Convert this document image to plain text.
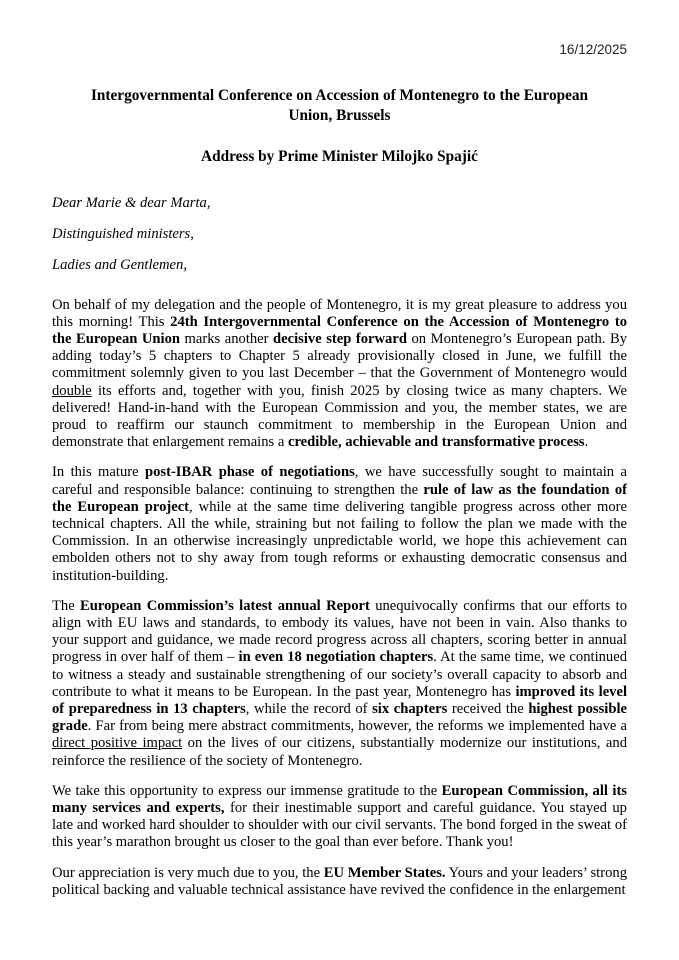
16/12/2025
Intergovernmental Conference on Accession of Montenegro to the European Union, Brussels
Address by Prime Minister Milojko Spajić
Dear Marie & dear Marta,
Distinguished ministers,
Ladies and Gentlemen,

On behalf of my delegation and the people of Montenegro, it is my great pleasure to address you this morning! This 24th Intergovernmental Conference on the Accession of Montenegro to the European Union marks another decisive step forward on Montenegro’s European path. By adding today’s 5 chapters to Chapter 5 already provisionally closed in June, we fulfill the commitment solemnly given to you last December – that the Government of Montenegro would double its efforts and, together with you, finish 2025 by closing twice as many chapters. We delivered! Hand-in-hand with the European Commission and you, the member states, we are proud to reaffirm our staunch commitment to membership in the European Union and demonstrate that enlargement remains a credible, achievable and transformative process.

In this mature post-IBAR phase of negotiations, we have successfully sought to maintain a careful and responsible balance: continuing to strengthen the rule of law as the foundation of the European project, while at the same time delivering tangible progress across other more technical chapters. All the while, straining but not failing to follow the plan we made with the Commission. In an otherwise increasingly unpredictable world, we hope this achievement can embolden others not to shy away from tough reforms or exhausting democratic consensus and institution-building.

The European Commission’s latest annual Report unequivocally confirms that our efforts to align with EU laws and standards, to embody its values, have not been in vain. Also thanks to your support and guidance, we made record progress across all chapters, scoring better in annual progress in over half of them – in even 18 negotiation chapters. At the same time, we continued to witness a steady and sustainable strengthening of our society’s overall capacity to absorb and contribute to what it means to be European. In the past year, Montenegro has improved its level of preparedness in 13 chapters, while the record of six chapters received the highest possible grade. Far from being mere abstract commitments, however, the reforms we implemented have a direct positive impact on the lives of our citizens, substantially modernize our institutions, and reinforce the resilience of the society of Montenegro.

We take this opportunity to express our immense gratitude to the European Commission, all its many services and experts, for their inestimable support and careful guidance. You stayed up late and worked hard shoulder to shoulder with our civil servants. The bond forged in the sweat of this year’s marathon brought us closer to the goal than ever before. Thank you!

Our appreciation is very much due to you, the EU Member States. Yours and your leaders’ strong political backing and valuable technical assistance have revived the confidence in the enlargement
